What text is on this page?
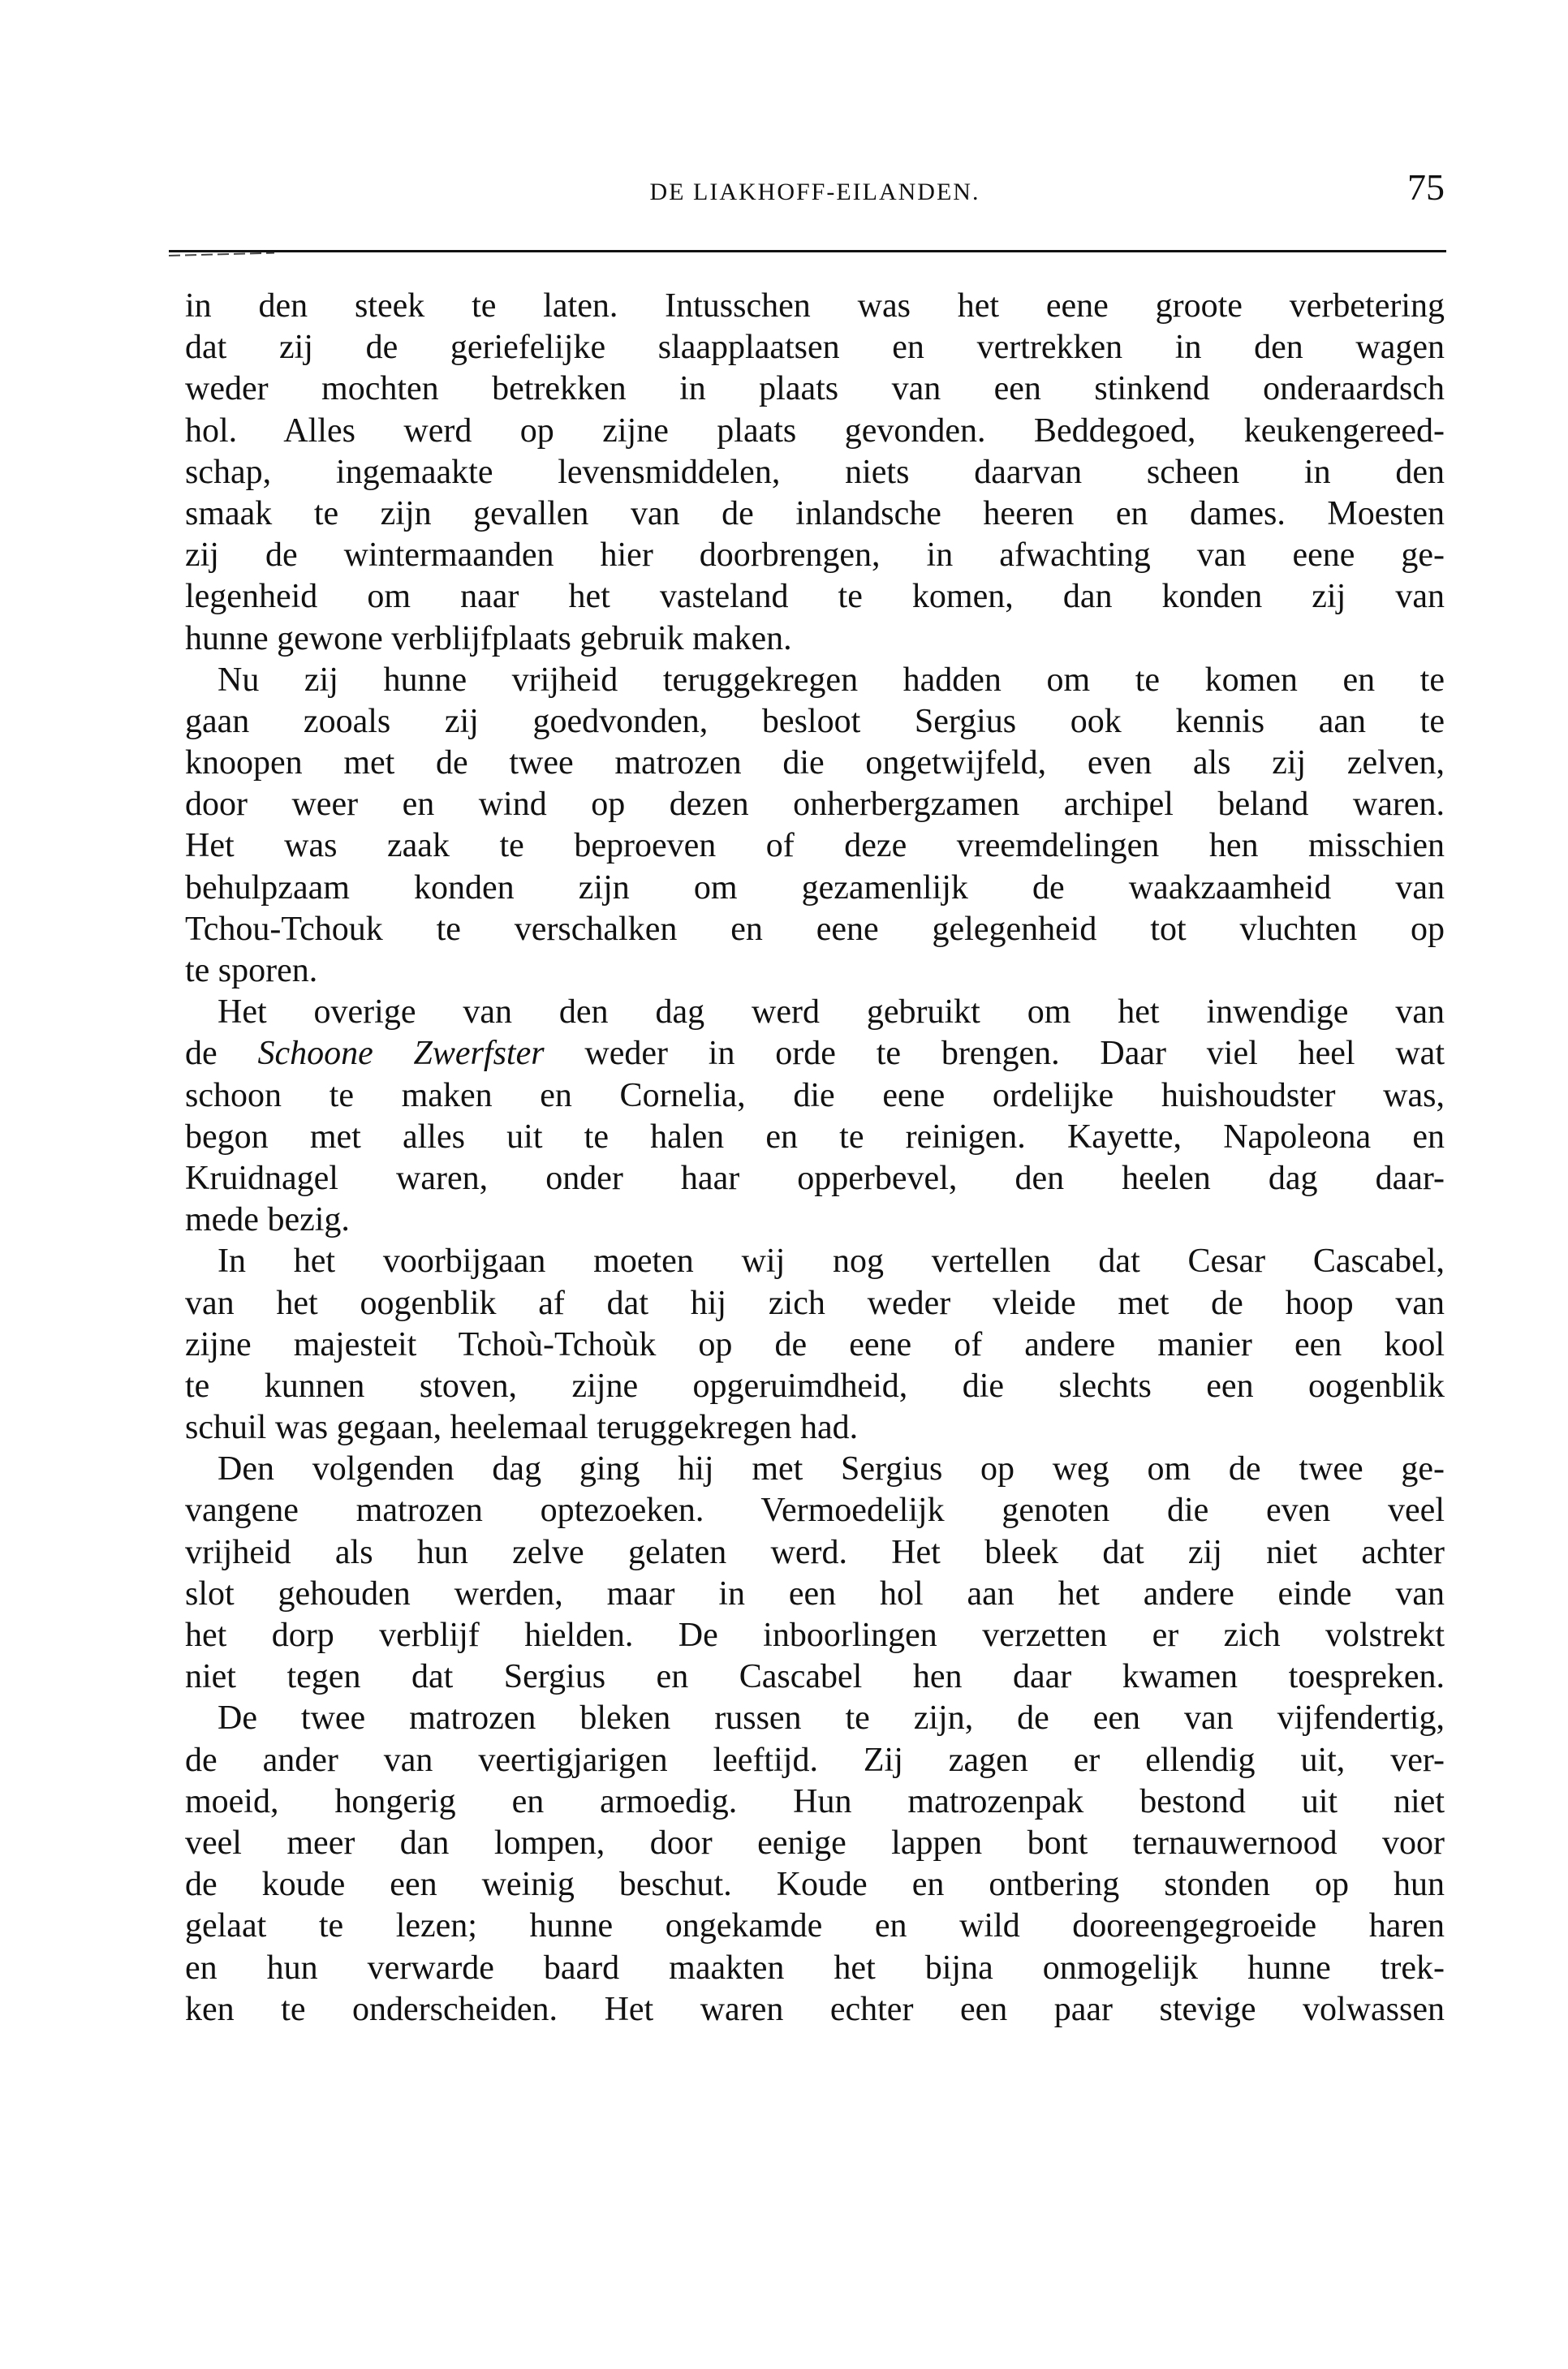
DE LIAKHOFF-EILANDEN.	75
in den steek te laten. Intusschen was het eene groote verbetering
dat zij de geriefelijke slaapplaatsen en vertrekken in den wagen
weder mochten betrekken in plaats van een stinkend onderaardsch
hol. Alles werd op zijne plaats gevonden. Beddegoed, keukengereed-
schap, ingemaakte levensmiddelen, niets daarvan scheen in den
smaak te zijn gevallen van de inlandsche heeren en dames. Moesten
zij de wintermaanden hier doorbrengen, in afwachting van eene ge-
legenheid om naar het vasteland te komen, dan konden zij van
hunne gewone verblijfplaats gebruik maken.
Nu zij hunne vrijheid teruggekregen hadden om te komen en te
gaan zooals zij goedvonden, besloot Sergius ook kennis aan te
knoopen met de twee matrozen die ongetwijfeld, even als zij zelven,
door weer en wind op dezen onherbergzamen archipel beland waren.
Het was zaak te beproeven of deze vreemdelingen hen misschien
behulpzaam konden zijn om gezamenlijk de waakzaamheid van
Tchou-Tchouk te verschalken en eene gelegenheid tot vluchten op
te sporen.
Het overige van den dag werd gebruikt om het inwendige van
de Schoone Zwerfster weder in orde te brengen. Daar viel heel wat
schoon te maken en Cornelia, die eene ordelijke huishoudster was,
begon met alles uit te halen en te reinigen. Kayette, Napoleona en
Kruidnagel waren, onder haar opperbevel, den heelen dag daar-
mede bezig.
In het voorbijgaan moeten wij nog vertellen dat Cesar Cascabel,
van het oogenblik af dat hij zich weder vleide met de hoop van
zijne majesteit Tchoù-Tchoùk op de eene of andere manier een kool
te kunnen stoven, zijne opgeruimdheid, die slechts een oogenblik
schuil was gegaan, heelemaal teruggekregen had.
Den volgenden dag ging hij met Sergius op weg om de twee ge-
vangene matrozen optezoeken. Vermoedelijk genoten die even veel
vrijheid als hun zelve gelaten werd. Het bleek dat zij niet achter
slot gehouden werden, maar in een hol aan het andere einde van
het dorp verblijf hielden. De inboorlingen verzetten er zich volstrekt
niet tegen dat Sergius en Cascabel hen daar kwamen toespreken.
De twee matrozen bleken russen te zijn, de een van vijfendertig,
de ander van veertigjarigen leeftijd. Zij zagen er ellendig uit, ver-
moeid, hongerig en armoedig. Hun matrozenpak bestond uit niet
veel meer dan lompen, door eenige lappen bont ternauwernood voor
de koude een weinig beschut. Koude en ontbering stonden op hun
gelaat te lezen; hunne ongekamde en wild dooreengegroeide haren
en hun verwarde baard maakten het bijna onmogelijk hunne trek-
ken te onderscheiden. Het waren echter een paar stevige volwassen
